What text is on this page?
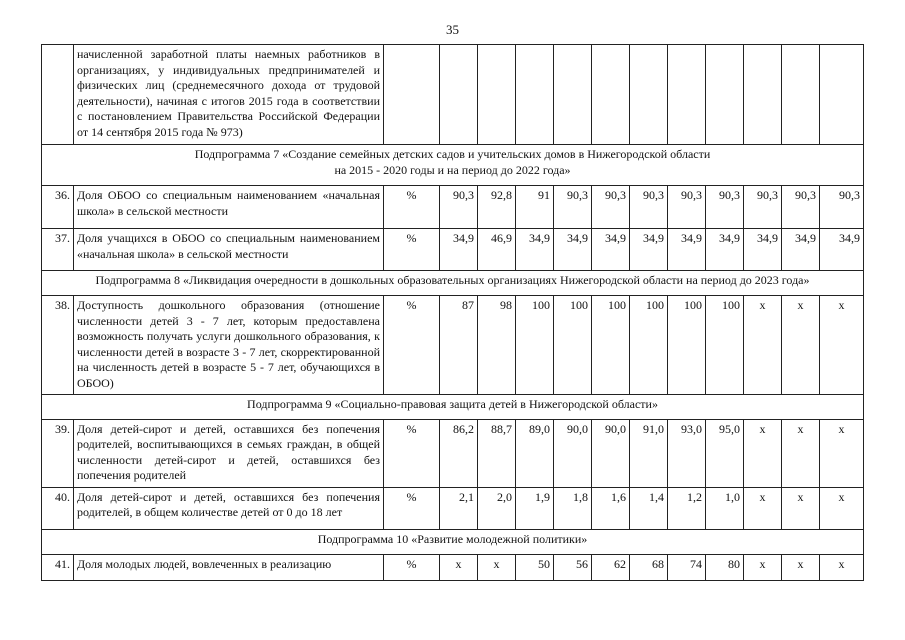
35
	начисленной заработной платы наемных работников в организациях, у индивидуальных предпринимателей и физических лиц (среднемесячного дохода от трудовой деятельности), начиная с итогов 2015 года в соответствии с постановлением Правительства Российской Федерации от 14 сентября 2015 года № 973)												

Подпрограмма 7 «Создание семейных детских садов и учительских домов в Нижегородской области
на 2015 - 2020 годы и на период до 2022 года»													

36.	Доля ОБОО со специальным наименованием «начальная школа» в сельской местности	%	90,3	92,8	91	90,3	90,3	90,3	90,3	90,3	90,3	90,3	90,3
37.	Доля учащихся в ОБОО со специальным наименованием «начальная школа» в сельской местности	%	34,9	46,9	34,9	34,9	34,9	34,9	34,9	34,9	34,9	34,9	34,9

Подпрограмма 8 «Ликвидация очередности в дошкольных образовательных организациях Нижегородской области на период до 2023 года»													

38.	Доступность дошкольного образования (отношение численности детей 3 - 7 лет, которым предоставлена возможность получать услуги дошкольного образования, к численности детей в возрасте 3 - 7 лет, скорректированной на численность детей в возрасте 5 - 7 лет, обучающихся в ОБОО)	%	87	98	100	100	100	100	100	100	х	х	х

Подпрограмма 9 «Социально-правовая защита детей в Нижегородской области»													

39.	Доля детей-сирот и детей, оставшихся без попечения родителей, воспитывающихся в семьях граждан, в общей численности детей-сирот и детей, оставшихся без попечения родителей	%	86,2	88,7	89,0	90,0	90,0	91,0	93,0	95,0	х	х	х
40.	Доля детей-сирот и детей, оставшихся без попечения родителей, в общем количестве детей от 0 до 18 лет	%	2,1	2,0	1,9	1,8	1,6	1,4	1,2	1,0	х	х	х

Подпрограмма 10 «Развитие молодежной политики»													

41.	Доля молодых людей, вовлеченных в реализацию	%	х	х	50	56	62	68	74	80	х	х	х
